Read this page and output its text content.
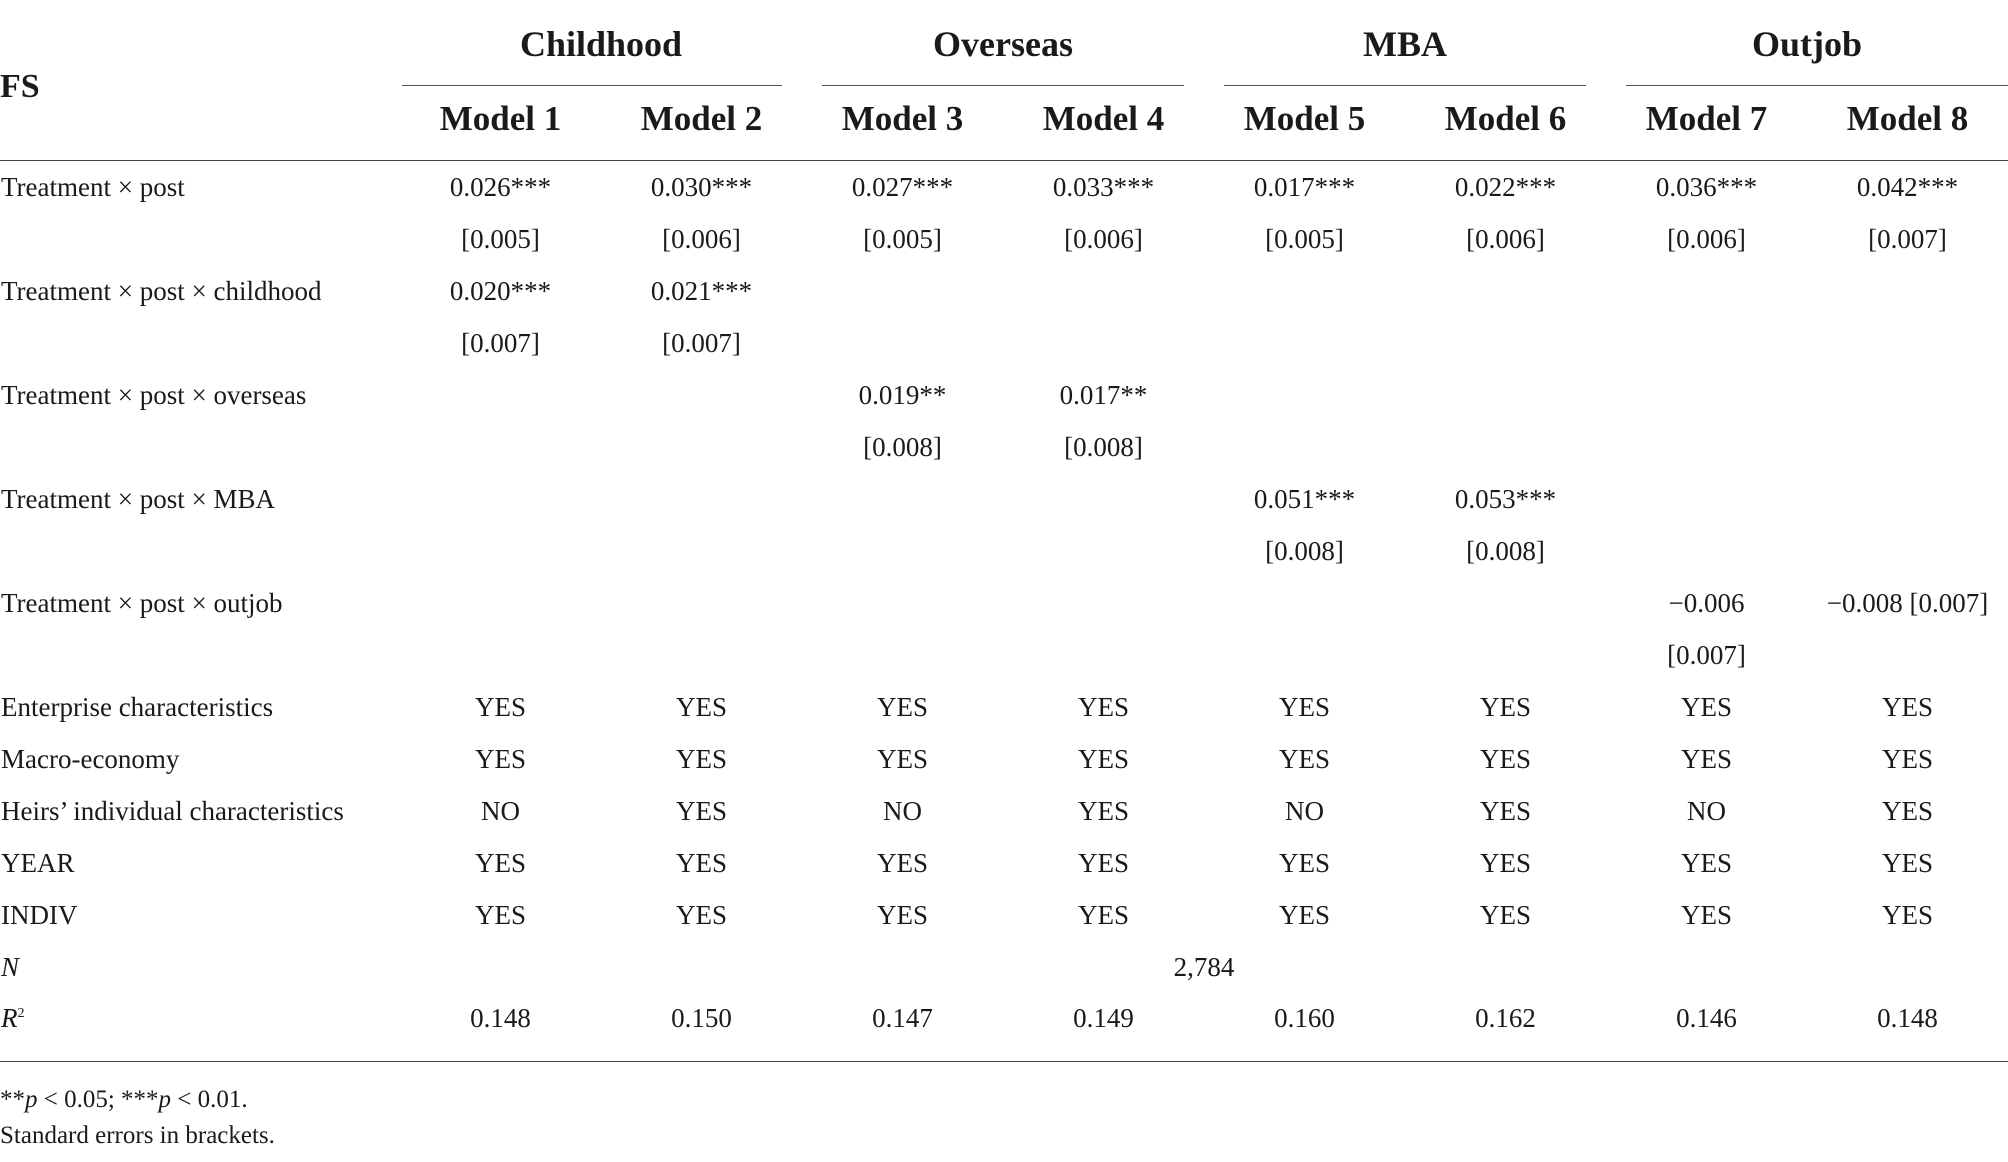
FS	Childhood		Overseas		MBA		Outjob	
	Model 1	Model 2	Model 3	Model 4	Model 5	Model 6	Model 7	Model 8
Treatment × post	0.026***	0.030***	0.027***	0.033***	0.017***	0.022***	0.036***	0.042***
	[0.005]	[0.006]	[0.005]	[0.006]	[0.005]	[0.006]	[0.006]	[0.007]
Treatment × post × childhood	0.020***	0.021***						
	[0.007]	[0.007]						
Treatment × post × overseas			0.019**	0.017**				
			[0.008]	[0.008]				
Treatment × post × MBA					0.051***	0.053***		
					[0.008]	[0.008]		
Treatment × post × outjob							−0.006	−0.008 [0.007]
							[0.007]	
Enterprise characteristics	YES	YES	YES	YES	YES	YES	YES	YES
Macro-economy	YES	YES	YES	YES	YES	YES	YES	YES
Heirs’ individual characteristics	NO	YES	NO	YES	NO	YES	NO	YES
YEAR	YES	YES	YES	YES	YES	YES	YES	YES
INDIV	YES	YES	YES	YES	YES	YES	YES	YES
N	2,784							
$R^2$	0.148	0.150	0.147	0.149	0.160	0.162	0.146	0.148
**p < 0.05; ***p < 0.01.
Standard errors in brackets.
